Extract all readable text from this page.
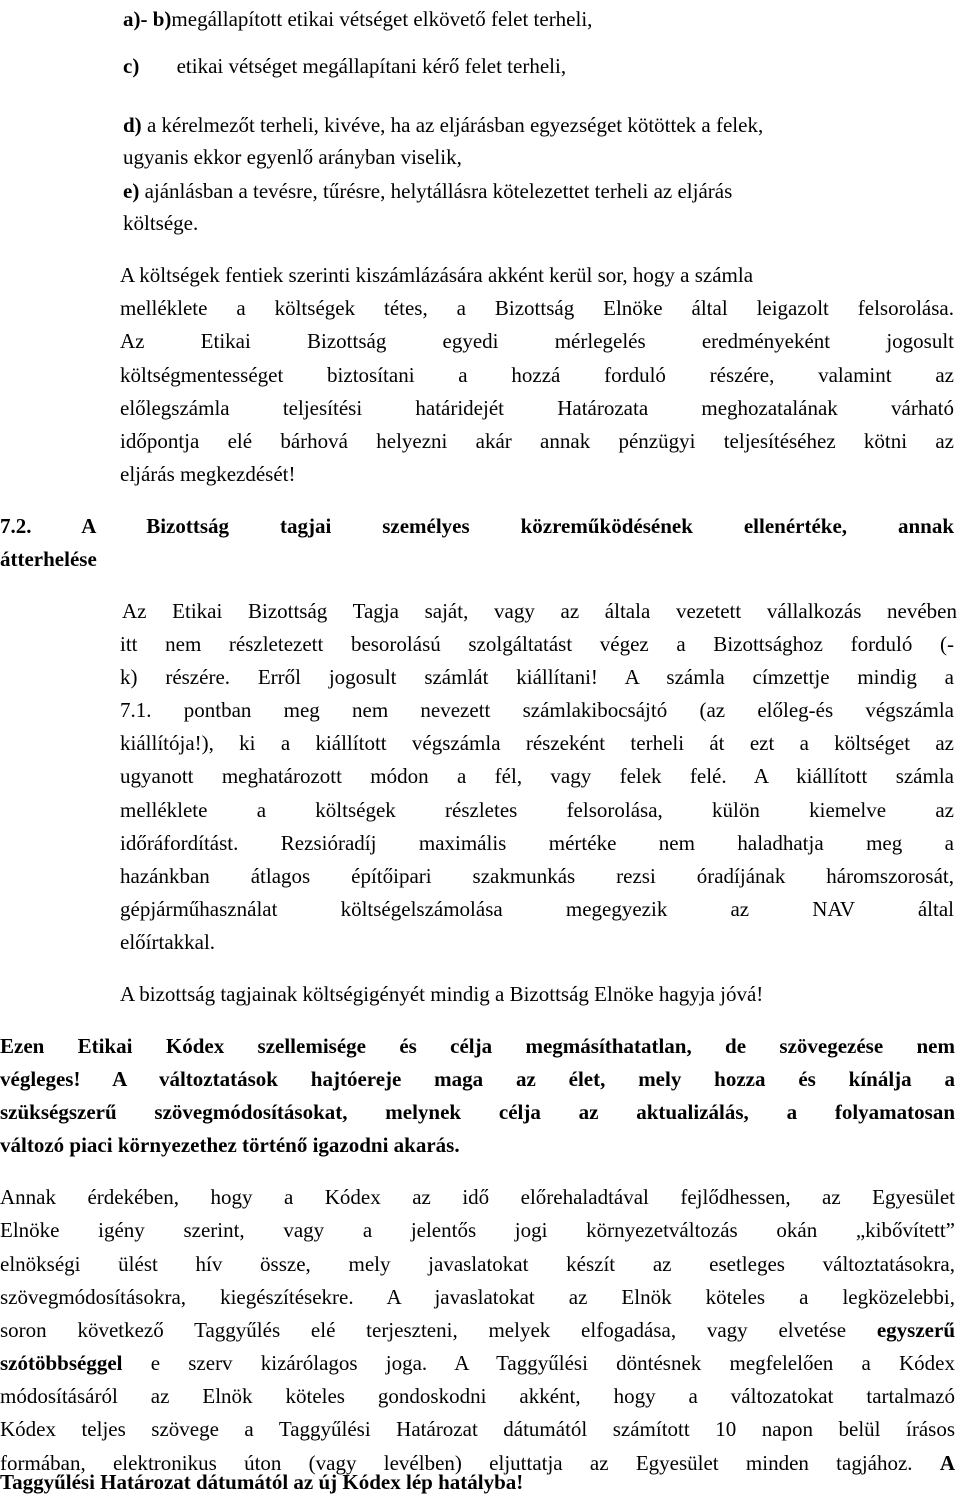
a)- b)megállapított etikai vétséget elkövető felet terheli,
c) etikai vétséget megállapítani kérő felet terheli,
d) a kérelmezőt terheli, kivéve, ha az eljárásban egyezséget kötöttek a felek,
ugyanis ekkor egyenlő arányban viselik,
e) ajánlásban a tevésre, tűrésre, helytállásra kötelezettet terheli az eljárás
költsége.
A költségek fentiek szerinti kiszámlázására akként kerül sor, hogy a számla
melléklete a költségek tétes, a Bizottság Elnöke által leigazolt felsorolása.
Az Etikai Bizottság egyedi mérlegelés eredményeként jogosult
költségmentességet biztosítani a hozzá forduló részére, valamint az
előlegszámla teljesítési határidejét Határozata meghozatalának várható
időpontja elé bárhová helyezni akár annak pénzügyi teljesítéséhez kötni az
eljárás megkezdését!
7.2. A Bizottság tagjai személyes közreműködésének ellenértéke, annak
átterhelése
Az Etikai Bizottság Tagja saját, vagy az általa vezetett vállalkozás nevében
itt nem részletezett besorolású szolgáltatást végez a Bizottsághoz forduló (-
k) részére. Erről jogosult számlát kiállítani! A számla címzettje mindig a
7.1. pontban meg nem nevezett számlakibocsájtó (az előleg-és végszámla
kiállítója!), ki a kiállított végszámla részeként terheli át ezt a költséget az
ugyanott meghatározott módon a fél, vagy felek felé. A kiállított számla
melléklete a költségek részletes felsorolása, külön kiemelve az
időráfordítást. Rezsióradíj maximális mértéke nem haladhatja meg a
hazánkban átlagos építőipari szakmunkás rezsi óradíjának háromszorosát,
gépjárműhasználat költségelszámolása megegyezik az NAV által
előírtakkal.
A bizottság tagjainak költségigényét mindig a Bizottság Elnöke hagyja jóvá!
Ezen Etikai Kódex szellemisége és célja megmásíthatatlan, de szövegezése nem
végleges! A változtatások hajtóereje maga az élet, mely hozza és kínálja a
szükségszerű szövegmódosításokat, melynek célja az aktualizálás, a folyamatosan
változó piaci környezethez történő igazodni akarás.
Annak érdekében, hogy a Kódex az idő előrehaladtával fejlődhessen, az Egyesület
Elnöke igény szerint, vagy a jelentős jogi környezetváltozás okán „kibővített”
elnökségi ülést hív össze, mely javaslatokat készít az esetleges változtatásokra,
szövegmódosításokra, kiegészítésekre. A javaslatokat az Elnök köteles a legközelebbi,
soron következő Taggyűlés elé terjeszteni, melyek elfogadása, vagy elvetése egyszerű
szótöbbséggel e szerv kizárólagos joga. A Taggyűlési döntésnek megfelelően a Kódex
módosításáról az Elnök köteles gondoskodni akként, hogy a változatokat tartalmazó
Kódex teljes szövege a Taggyűlési Határozat dátumától számított 10 napon belül írásos
formában, elektronikus úton (vagy levélben) eljuttatja az Egyesület minden tagjához. A
Taggyűlési Határozat dátumától az új Kódex lép hatályba!
